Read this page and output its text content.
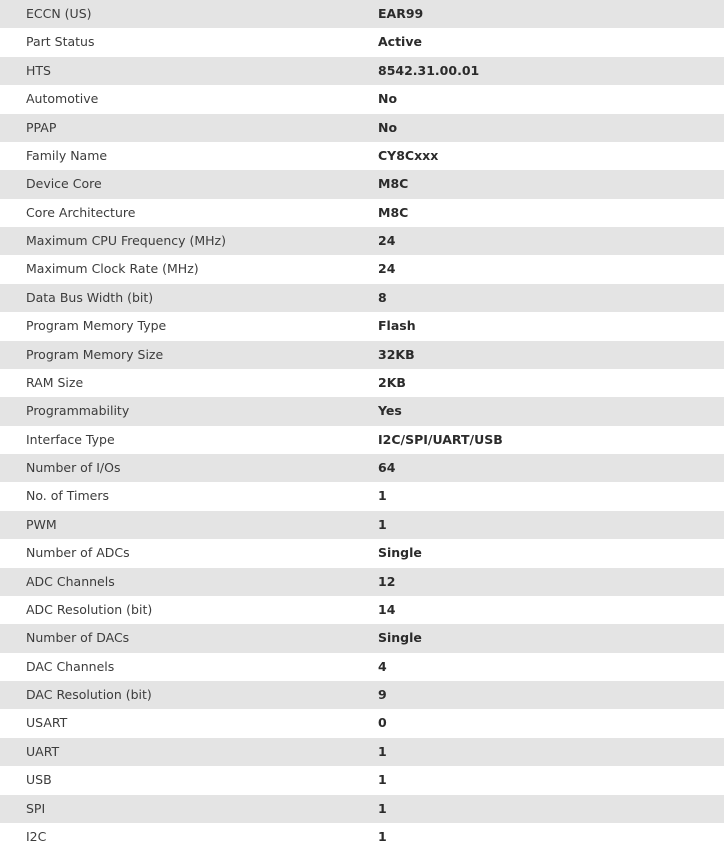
ECCN (US)	EAR99
Part Status	Active
HTS	8542.31.00.01
Automotive	No
PPAP	No
Family Name	CY8Cxxx
Device Core	M8C
Core Architecture	M8C
Maximum CPU Frequency (MHz)	24
Maximum Clock Rate (MHz)	24
Data Bus Width (bit)	8
Program Memory Type	Flash
Program Memory Size	32KB
RAM Size	2KB
Programmability	Yes
Interface Type	I2C/SPI/UART/USB
Number of I/Os	64
No. of Timers	1
PWM	1
Number of ADCs	Single
ADC Channels	12
ADC Resolution (bit)	14
Number of DACs	Single
DAC Channels	4
DAC Resolution (bit)	9
USART	0
UART	1
USB	1
SPI	1
I2C	1
